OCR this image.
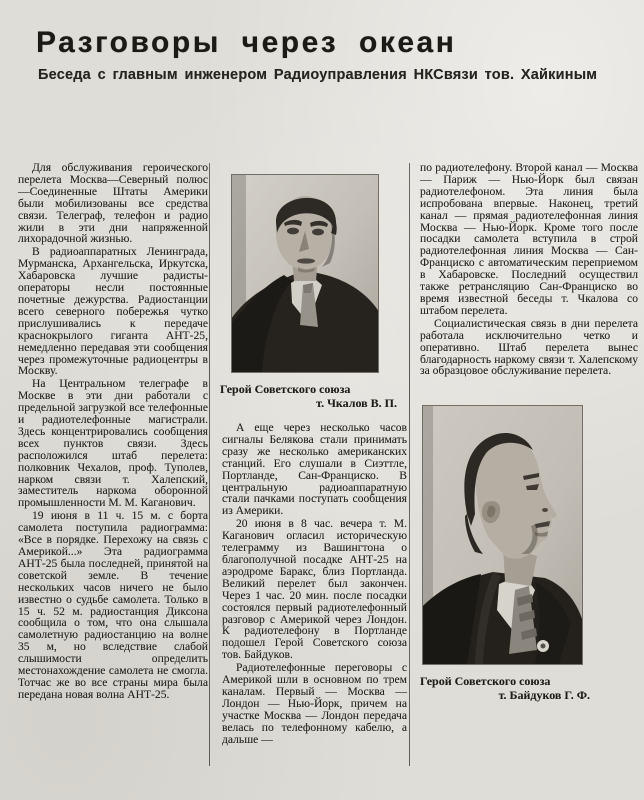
Разговоры через океан
Беседа с главным инженером Радиоуправления НКСвязи тов. Хайкиным

Для обслуживания героического перелета Москва—Северный полюс—Соединенные Штаты Америки были мобилизованы все средства связи. Телеграф, телефон и радио жили в эти дни напряженной лихорадочной жизнью.

В радиоаппаратных Ленинграда, Мурманска, Архангельска, Иркутска, Хабаровска лучшие радисты-операторы несли постоянные почетные дежурства. Радиостанции всего северного побережья чутко прислушивались к передаче краснокрылого гиганта АНТ-25, немедленно передавая эти сообщения через промежуточные радиоцентры в Москву.

На Центральном телеграфе в Москве в эти дни работали с предельной загрузкой все телефонные и радиотелефонные магистрали. Здесь концентрировались сообщения всех пунктов связи. Здесь расположился штаб перелета: полковник Чехалов, проф. Туполев, нарком связи т. Халепский, заместитель наркома оборонной промышленности М. М. Каганович.

19 июня в 11 ч. 15 м. с борта самолета поступила радиограмма: «Все в порядке. Перехожу на связь с Америкой...» Эта радиограмма АНТ-25 была последней, принятой на советской земле. В течение нескольких часов ничего не было известно о судьбе самолета. Только в 15 ч. 52 м. радиостанция Диксона сообщила о том, что она слышала самолетную радиостанцию на волне 35 м, но вследствие слабой слышимости определить местонахождение самолета не смогла. Тотчас же во все страны мира была передана новая волна АНТ-25.

Герой Советского союза
т. Чкалов В. П.

А еще через несколько часов сигналы Белякова стали принимать сразу же несколько американских станций. Его слушали в Сиэттле, Портланде, Сан-Франциско. В центральную радиоаппаратную стали пачками поступать сообщения из Америки.

20 июня в 8 час. вечера т. М. Каганович огласил историческую телеграмму из Вашингтона о благополучной посадке АНТ-25 на аэродроме Баракс, близ Портланда. Великий перелет был закончен. Через 1 час. 20 мин. после посадки состоялся первый радиотелефонный разговор с Америкой через Лондон. К радиотелефону в Портланде подошел Герой Советского союза тов. Байдуков.

Радиотелефонные переговоры с Америкой шли в основном по трем каналам. Первый — Москва — Лондон — Нью-Йорк, причем на участке Москва — Лондон передача велась по телефонному кабелю, а дальше —

по радиотелефону. Второй канал — Москва — Париж — Нью-Йорк был связан радиотелефоном. Эта линия была испробована впервые. Наконец, третий канал — прямая радиотелефонная линия Москва — Нью-Йорк. Кроме того после посадки самолета вступила в строй радиотелефонная линия Москва — Сан-Франциско с автоматическим переприемом в Хабаровске. Последний осуществил также ретрансляцию Сан-Франциско во время известной беседы т. Чкалова со штабом перелета.

Социалистическая связь в дни перелета работала исключительно четко и оперативно. Штаб перелета вынес благодарность наркому связи т. Халепскому за образцовое обслуживание перелета.

Герой Советского союза
т. Байдуков Г. Ф.
